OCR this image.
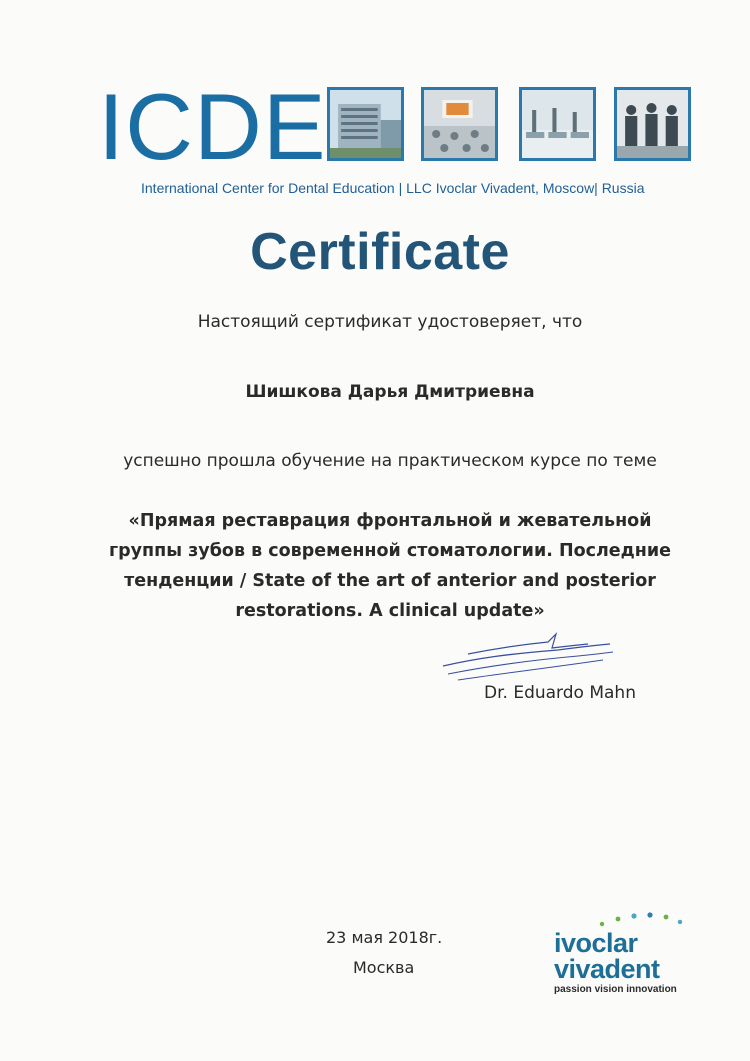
ICDE
International Center for Dental Education | LLC Ivoclar Vivadent, Moscow| Russia
Certificate
Настоящий сертификат удостоверяет, что
Шишкова Дарья Дмитриевна
успешно прошла обучение на практическом курсе по теме
«Прямая реставрация фронтальной и жевательной
группы зубов в современной стоматологии. Последние
тенденции / State of the art of anterior and posterior
restorations. A clinical update»
Dr. Eduardo Mahn
23 мая 2018г.
Москва
ivoclar
vivadent
passion vision innovation
